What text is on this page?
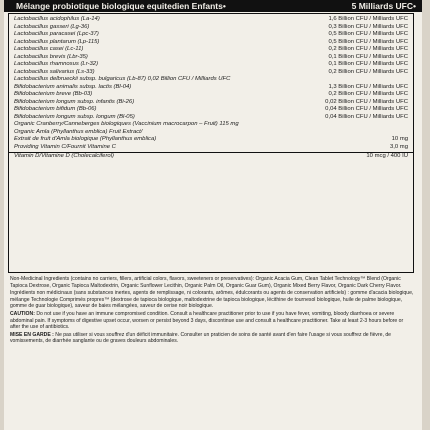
Mélange probiotique biologique equitedien Enfants•	5 Milliards UFC•
Lactobacillus acidophilus (La-14)	1,6 Billion CFU / Milliards UFC
Lactobacillus gasseri (Lg-36)	0,3 Billion CFU / Milliards UFC
Lactobacillus paracasei (Lpc-37)	0,5 Billion CFU / Milliards UFC
Lactobacillus plantarum (Lp-115)	0,5 Billion CFU / Milliards UFC
Lactobacillus casei (Lc-11)	0,2 Billion CFU / Milliards UFC
Lactobacillus brevis (Lbr-35)	0,1 Billion CFU / Milliards UFC
Lactobacillus rhamnosus (Lr-32)	0,1 Billion CFU / Milliards UFC
Lactobacillus salivarius (Ls-33)	0,2 Billion CFU / Milliards UFC
Lactobacillus delbrueckii subsp. bulgaricus (Lb-87) 0,02 Billion CFU / Milliards UFC
Bifidobacterium animalis subsp. lactis (Bl-04)	1,3 Billion CFU / Milliards UFC
Bifidobacterium breve (Bb-03)	0,2 Billion CFU / Milliards UFC
Bifidobacterium longum subsp. infantis (Bi-26)	0,02 Billion CFU / Milliards UFC
Bifidobacterium bifidum (Bb-06)	0,04 Billion CFU / Milliards UFC
Bifidobacterium longum subsp. longum (Bl-05)	0,04 Billion CFU / Milliards UFC
Organic Cranberry/Canneberges biologiques (Vaccinium macrocarpon – Fruit) 115 mg
Organic Amla (Phyllanthus emblica) Fruit Extract/
Extrait de fruit d'Amla biologique (Phyllanthus emblica)	10 mg
Providing Vitamin C/Fournit Vitamine C	3,0 mg
Vitamin D/Vitamine D (Cholecalciferol)	10 mcg / 400 IU

Non-Medicinal Ingredients (contains no carriers, fillers, artificial colors, flavors, sweeteners or preservatives): Organic Acacia Gum, Clean Tablet Technology™ Blend (Organic Tapioca Dextrose, Organic Tapioca Maltodextrin, Organic Sunflower Lecithin, Organic Palm Oil, Organic Guar Gum), Organic Mixed Berry Flavor, Organic Dark Cherry Flavor.

Ingrédients non médicinaux (sans substances inertes, agents de remplissage, ni colorants, arômes, édulcorants ou agents de conservation artificiels) : gomme d'acacia biologique, mélange Technologie Comprimés propres™ (dextrose de tapioca biologique, maltodextrine de tapioca biologique, lécithine de tournesol biologique, huile de palme biologique, gomme de guar biologique), saveur de baies mélangées, saveur de cerise noir biologique.

CAUTION: Do not use if you have an immune compromised condition. Consult a healthcare practitioner prior to use if you have fever, vomiting, bloody diarrhoea or severe abdominal pain. If symptoms of digestive upset occur, worsen or persist beyond 3 days, discontinue use and consult a healthcare practitioner. Take at least 2-3 hours before or after the use of antibiotics.

MISE EN GARDE : Ne pas utiliser si vous souffrez d'un déficit immunitaire. Consulter un praticien de soins de santé avant d'en faire l'usage si vous souffrez de fièvre, de vomissements, de diarrhée sanglante ou de graves douleurs abdominales.
